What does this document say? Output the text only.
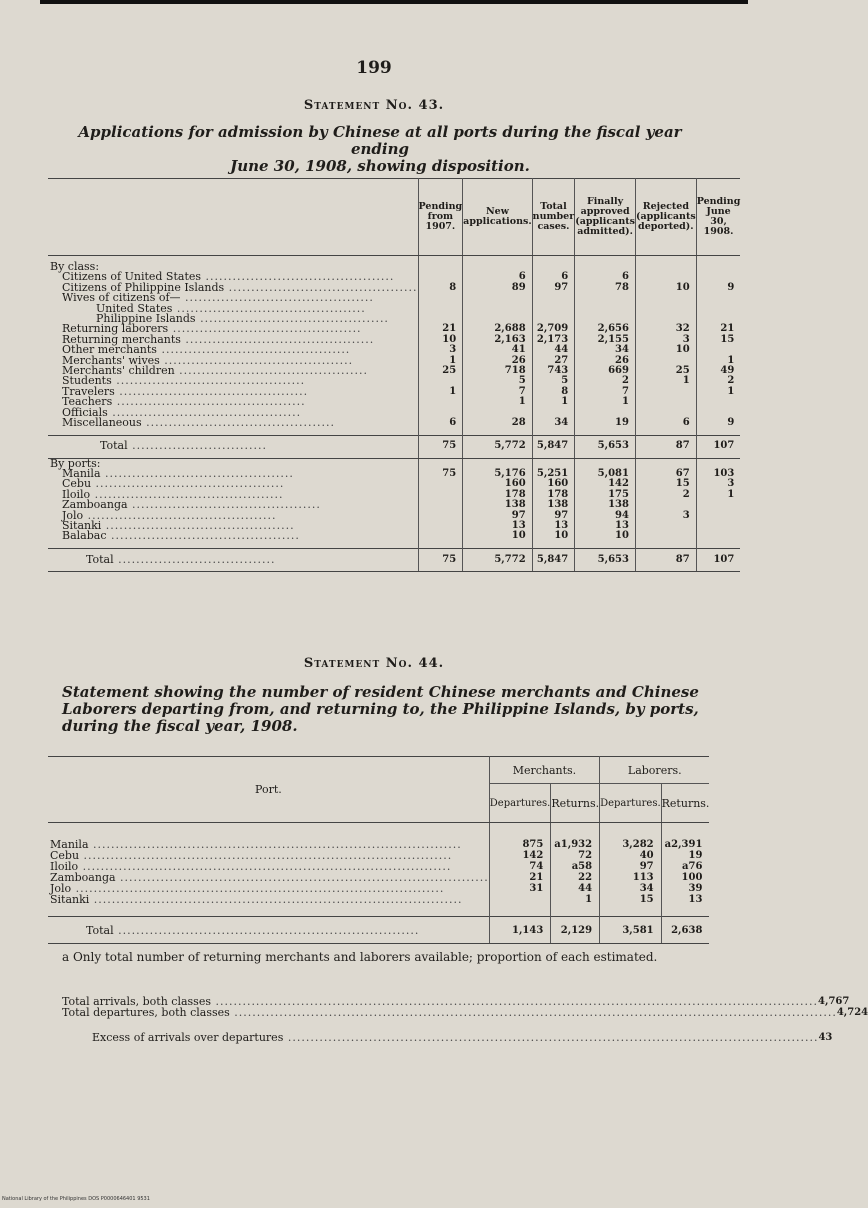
199
Statement No. 43.
Applications for admission by Chinese at all ports during the fiscal year ending
June 30, 1908, showing disposition.
	Pending from 1907.	New applications.	Total number cases.	Finally approved (applicants admitted).	Rejected (applicants deported).	Pending June 30, 1908.

By class:						
Citizens of United States ..........................................		6	6	6		
Citizens of Philippine Islands ..........................................	8	89	97	78	10	9
Wives of citizens of— ..........................................						
United States ..........................................						
Philippine Islands ..........................................						
Returning laborers ..........................................	21	2,688	2,709	2,656	32	21
Returning merchants ..........................................	10	2,163	2,173	2,155	3	15
Other merchants ..........................................	3	41	44	34	10	
Merchants' wives ..........................................	1	26	27	26		1
Merchants' children ..........................................	25	718	743	669	25	49
Students ..........................................		5	5	2	1	2
Travelers ..........................................	1	7	8	7		1
Teachers ..........................................		1	1	1		
Officials ..........................................						
Miscellaneous ..........................................	6	28	34	19	6	9

Total ..............................	75	5,772	5,847	5,653	87	107
By ports:						
Manila ..........................................	75	5,176	5,251	5,081	67	103
Cebu ..........................................		160	160	142	15	3
Iloilo ..........................................		178	178	175	2	1
Zamboanga ..........................................		138	138	138		
Jolo ..........................................		97	97	94	3	
Sitanki ..........................................		13	13	13		
Balabac ..........................................		10	10	10		

Total ...................................	75	5,772	5,847	5,653	87	107
Statement No. 44.
Statement showing the number of resident Chinese merchants and Chinese Laborers departing from, and returning to, the Philippine Islands, by ports, during the fiscal year, 1908.
Port.	Merchants.		Laborers.	
	Departures.	Returns.	Departures.	Returns.

Manila ..................................................................................	875	a1,932	3,282	a2,391
Cebu ..................................................................................	142	72	40	19
Iloilo ..................................................................................	74	a58	97	a76
Zamboanga ..................................................................................	21	22	113	100
Jolo ..................................................................................	31	44	34	39
Sitanki ..................................................................................		1	15	13

Total ...................................................................	1,143	2,129	3,581	2,638
a Only total number of returning merchants and laborers available; proportion of each estimated.
Total arrivals, both classes ...................................................................................................................................... 4,767
Total departures, both classes ...................................................................................................................................... 4,724
Excess of arrivals over departures ...................................................................................................................... 43
National Library of the Philippines DOS P0000646401 9531
